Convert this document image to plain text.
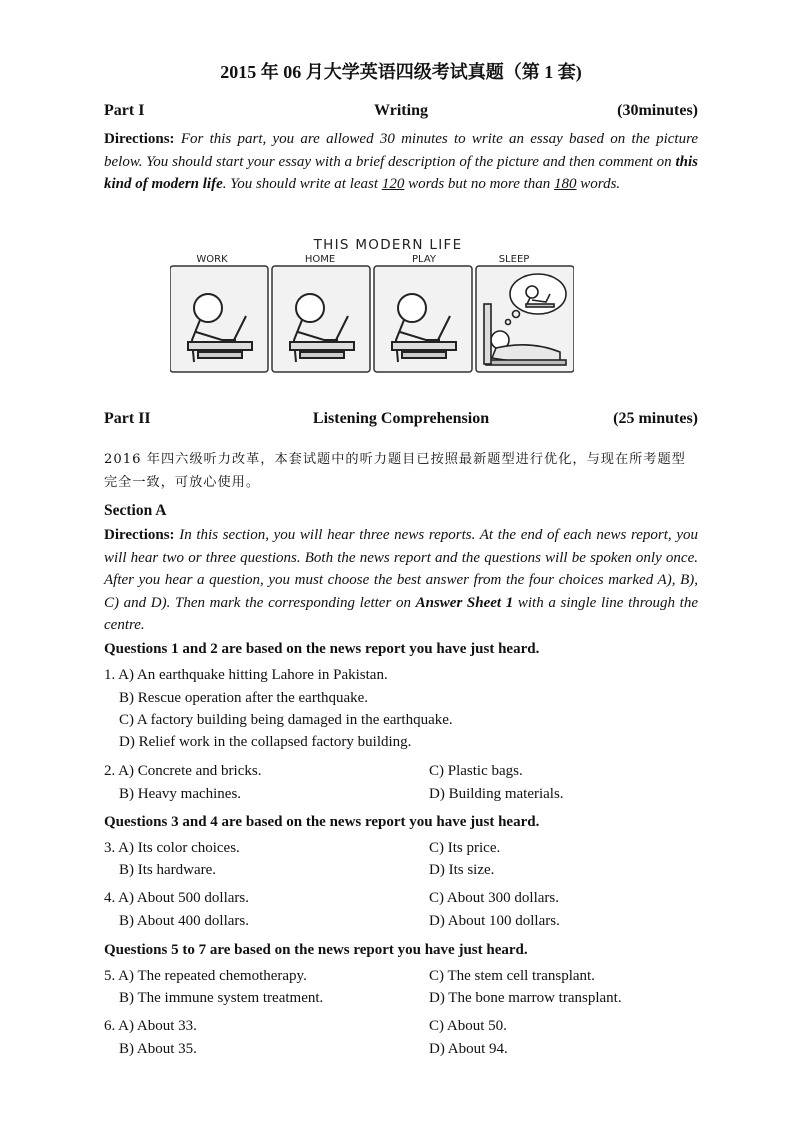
2015 年 06 月大学英语四级考试真题（第 1 套)
Part I	Writing	(30minutes)
Directions: For this part, you are allowed 30 minutes to write an essay based on the picture below. You should start your essay with a brief description of the picture and then comment on this kind of modern life. You should write at least 120 words but no more than 180 words.
THIS MODERN LIFE
WORK	HOME	PLAY	SLEEP
Part II	Listening Comprehension	(25 minutes)
2016 年四六级听力改革，本套试题中的听力题目已按照最新题型进行优化，与现在所考题型完全一致，可放心使用。
Section A
Directions: In this section, you will hear three news reports. At the end of each news report, you will hear two or three questions. Both the news report and the questions will be spoken only once. After you hear a question, you must choose the best answer from the four choices marked A), B), C) and D). Then mark the corresponding letter on Answer Sheet 1 with a single line through the centre.
Questions 1 and 2 are based on the news report you have just heard.
1. A) An earthquake hitting Lahore in Pakistan.
B) Rescue operation after the earthquake.
C) A factory building being damaged in the earthquake.
D) Relief work in the collapsed factory building.
2. A) Concrete and bricks.	C) Plastic bags.
B) Heavy machines.	D) Building materials.
Questions 3 and 4 are based on the news report you have just heard.
3. A) Its color choices.	C) Its price.
B) Its hardware.	D) Its size.
4. A) About 500 dollars.	C) About 300 dollars.
B) About 400 dollars.	D) About 100 dollars.
Questions 5 to 7 are based on the news report you have just heard.
5. A) The repeated chemotherapy.	C) The stem cell transplant.
B) The immune system treatment.	D) The bone marrow transplant.
6. A) About 33.	C) About 50.
B) About 35.	D) About 94.
